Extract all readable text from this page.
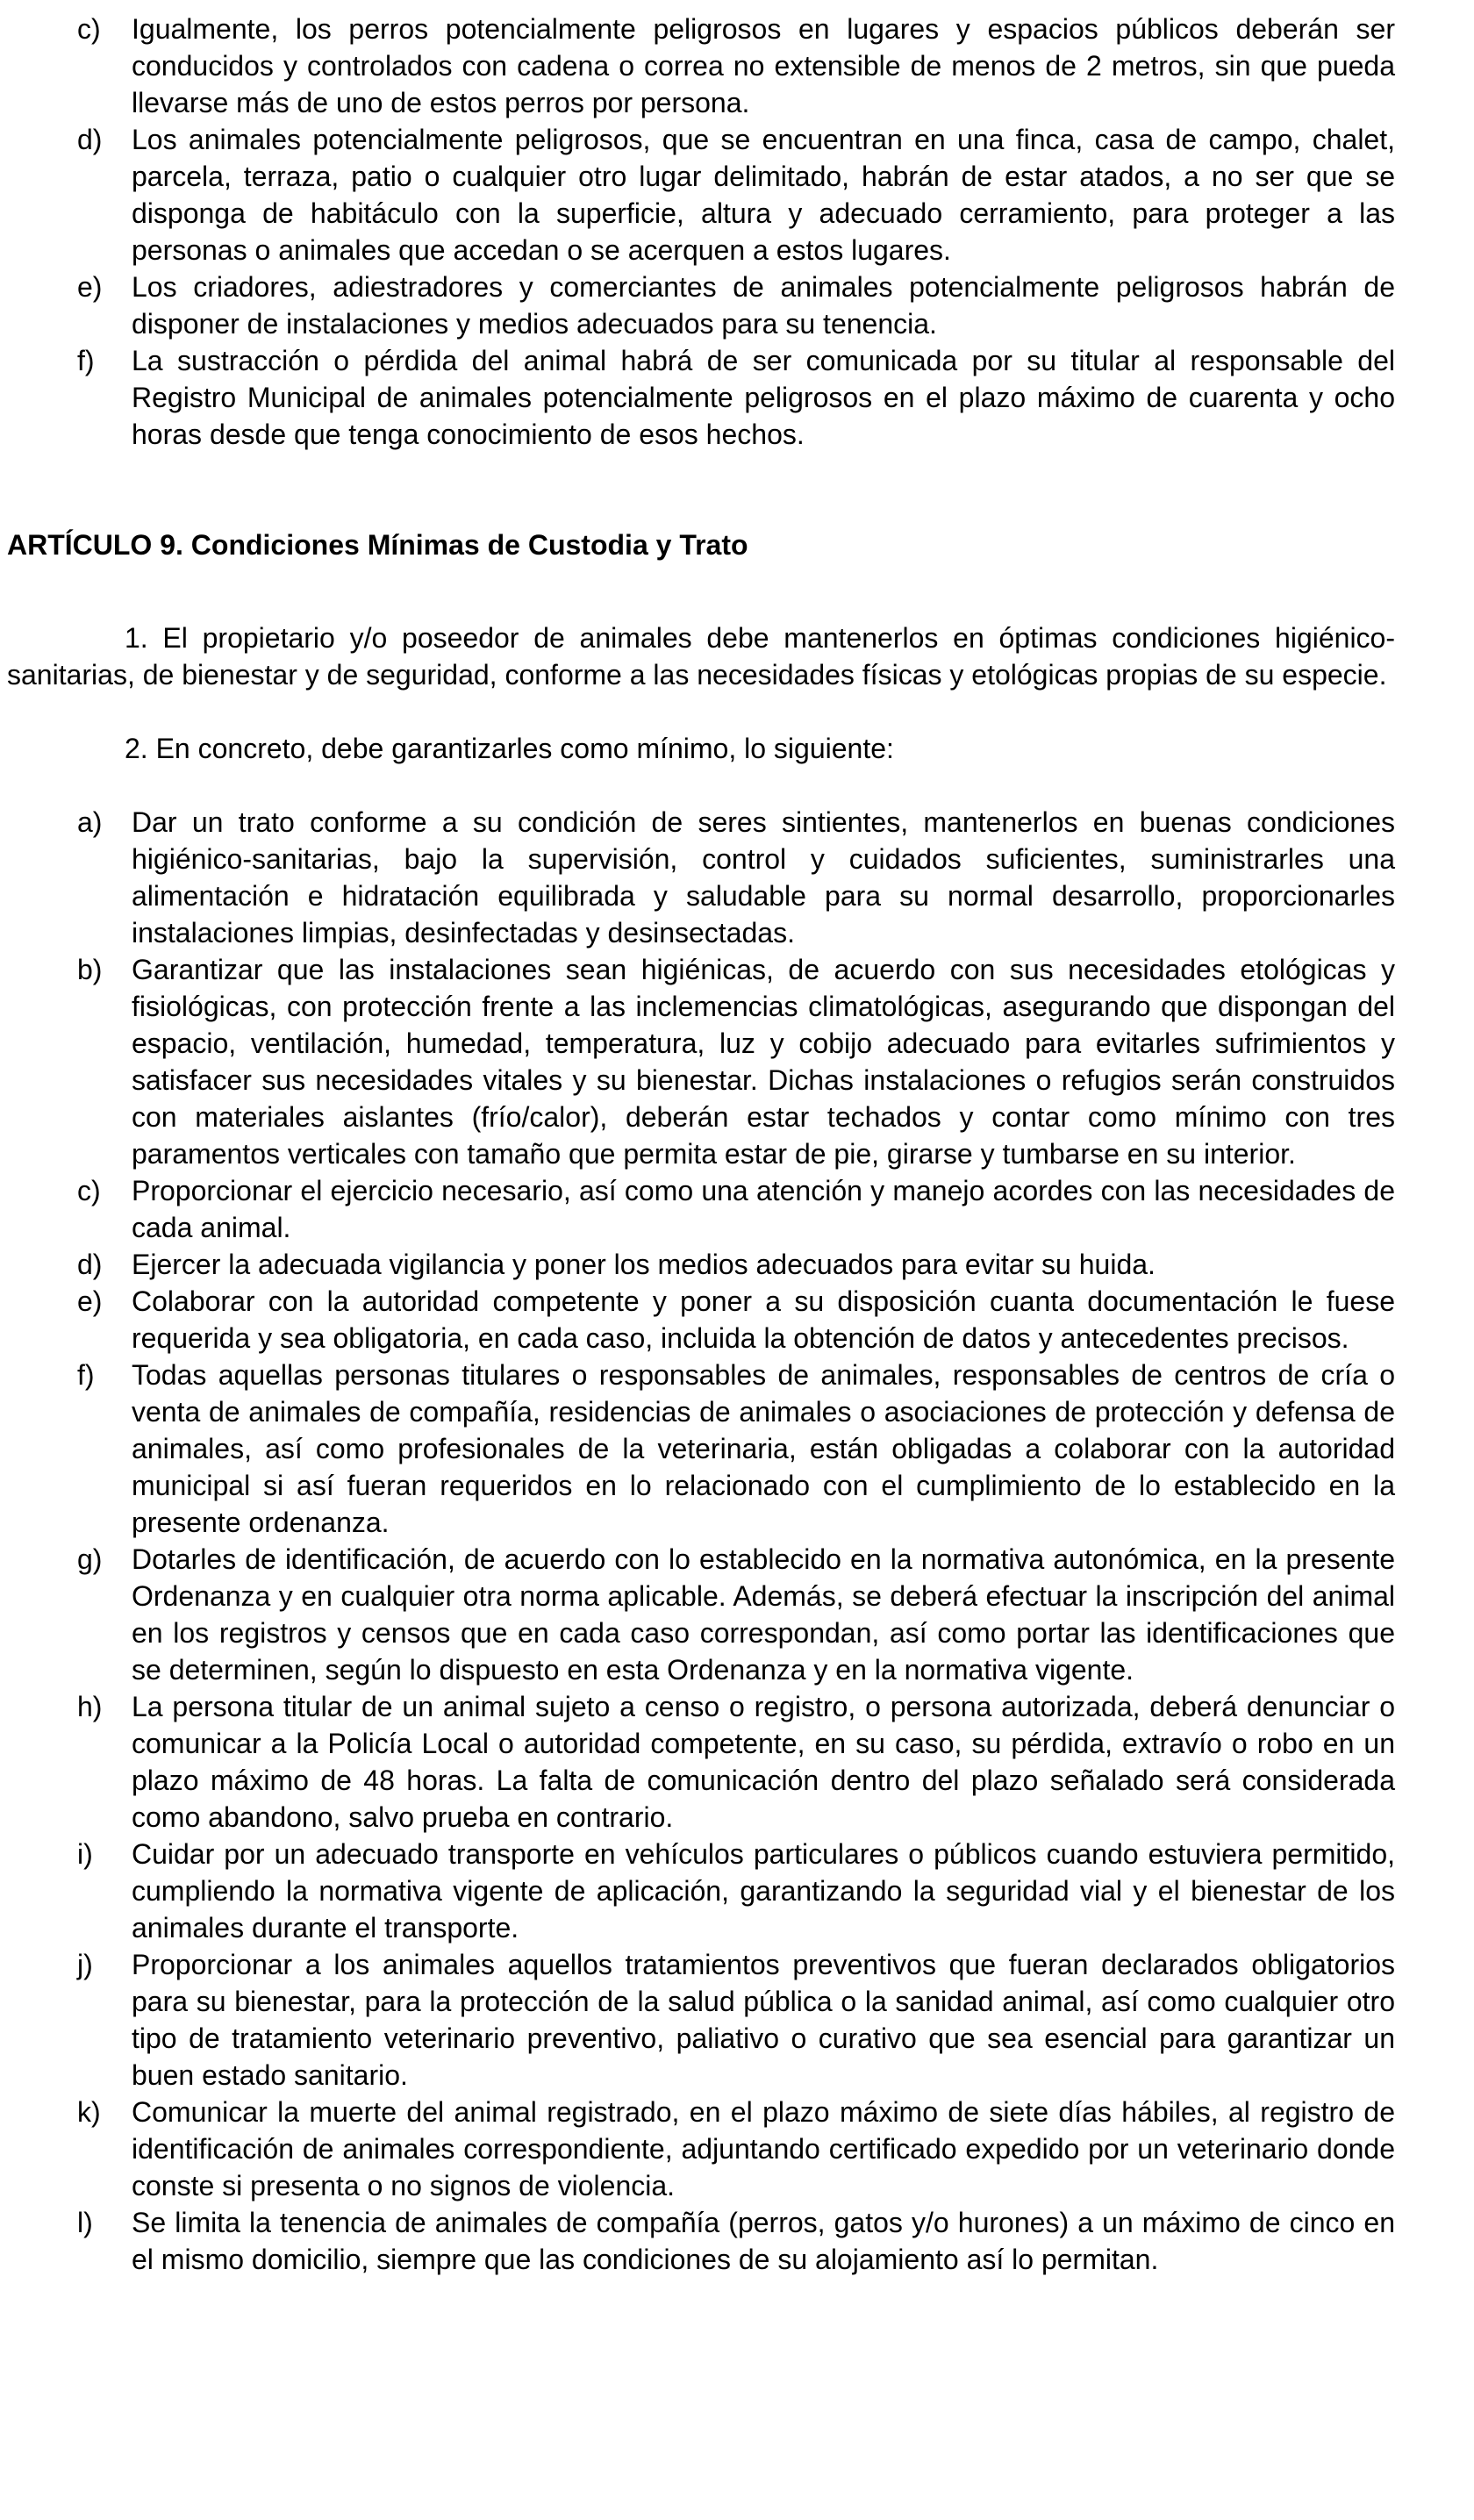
c) Igualmente, los perros potencialmente peligrosos en lugares y espacios públicos deberán ser conducidos y controlados con cadena o correa no extensible de menos de 2 metros, sin que pueda llevarse más de uno de estos perros por persona.
d) Los animales potencialmente peligrosos, que se encuentran en una finca, casa de campo, chalet, parcela, terraza, patio o cualquier otro lugar delimitado, habrán de estar atados, a no ser que se disponga de habitáculo con la superficie, altura y adecuado cerramiento, para proteger a las personas o animales que accedan o se acerquen a estos lugares.
e) Los criadores, adiestradores y comerciantes de animales potencialmente peligrosos habrán de disponer de instalaciones y medios adecuados para su tenencia.
f) La sustracción o pérdida del animal habrá de ser comunicada por su titular al responsable del Registro Municipal de animales potencialmente peligrosos en el plazo máximo de cuarenta y ocho horas desde que tenga conocimiento de esos hechos.
ARTÍCULO 9. Condiciones Mínimas de Custodia y Trato

1. El propietario y/o poseedor de animales debe mantenerlos en óptimas condiciones higiénico-sanitarias, de bienestar y de seguridad, conforme a las necesidades físicas y etológicas propias de su especie.

2. En concreto, debe garantizarles como mínimo, lo siguiente:

a) Dar un trato conforme a su condición de seres sintientes, mantenerlos en buenas condiciones higiénico-sanitarias, bajo la supervisión, control y cuidados suficientes, suministrarles una alimentación e hidratación equilibrada y saludable para su normal desarrollo, proporcionarles instalaciones limpias, desinfectadas y desinsectadas.
b) Garantizar que las instalaciones sean higiénicas, de acuerdo con sus necesidades etológicas y fisiológicas, con protección frente a las inclemencias climatológicas, asegurando que dispongan del espacio, ventilación, humedad, temperatura, luz y cobijo adecuado para evitarles sufrimientos y satisfacer sus necesidades vitales y su bienestar. Dichas instalaciones o refugios serán construidos con materiales aislantes (frío/calor), deberán estar techados y contar como mínimo con tres paramentos verticales con tamaño que permita estar de pie, girarse y tumbarse en su interior.
c) Proporcionar el ejercicio necesario, así como una atención y manejo acordes con las necesidades de cada animal.
d) Ejercer la adecuada vigilancia y poner los medios adecuados para evitar su huida.
e) Colaborar con la autoridad competente y poner a su disposición cuanta documentación le fuese requerida y sea obligatoria, en cada caso, incluida la obtención de datos y antecedentes precisos.
f) Todas aquellas personas titulares o responsables de animales, responsables de centros de cría o venta de animales de compañía, residencias de animales o asociaciones de protección y defensa de animales, así como profesionales de la veterinaria, están obligadas a colaborar con la autoridad municipal si así fueran requeridos en lo relacionado con el cumplimiento de lo establecido en la presente ordenanza.
g) Dotarles de identificación, de acuerdo con lo establecido en la normativa autonómica, en la presente Ordenanza y en cualquier otra norma aplicable. Además, se deberá efectuar la inscripción del animal en los registros y censos que en cada caso correspondan, así como portar las identificaciones que se determinen, según lo dispuesto en esta Ordenanza y en la normativa vigente.
h) La persona titular de un animal sujeto a censo o registro, o persona autorizada, deberá denunciar o comunicar a la Policía Local o autoridad competente, en su caso, su pérdida, extravío o robo en un plazo máximo de 48 horas. La falta de comunicación dentro del plazo señalado será considerada como abandono, salvo prueba en contrario.
i) Cuidar por un adecuado transporte en vehículos particulares o públicos cuando estuviera permitido, cumpliendo la normativa vigente de aplicación, garantizando la seguridad vial y el bienestar de los animales durante el transporte.
j) Proporcionar a los animales aquellos tratamientos preventivos que fueran declarados obligatorios para su bienestar, para la protección de la salud pública o la sanidad animal, así como cualquier otro tipo de tratamiento veterinario preventivo, paliativo o curativo que sea esencial para garantizar un buen estado sanitario.
k) Comunicar la muerte del animal registrado, en el plazo máximo de siete días hábiles, al registro de identificación de animales correspondiente, adjuntando certificado expedido por un veterinario donde conste si presenta o no signos de violencia.
l) Se limita la tenencia de animales de compañía (perros, gatos y/o hurones) a un máximo de cinco en el mismo domicilio, siempre que las condiciones de su alojamiento así lo permitan.
